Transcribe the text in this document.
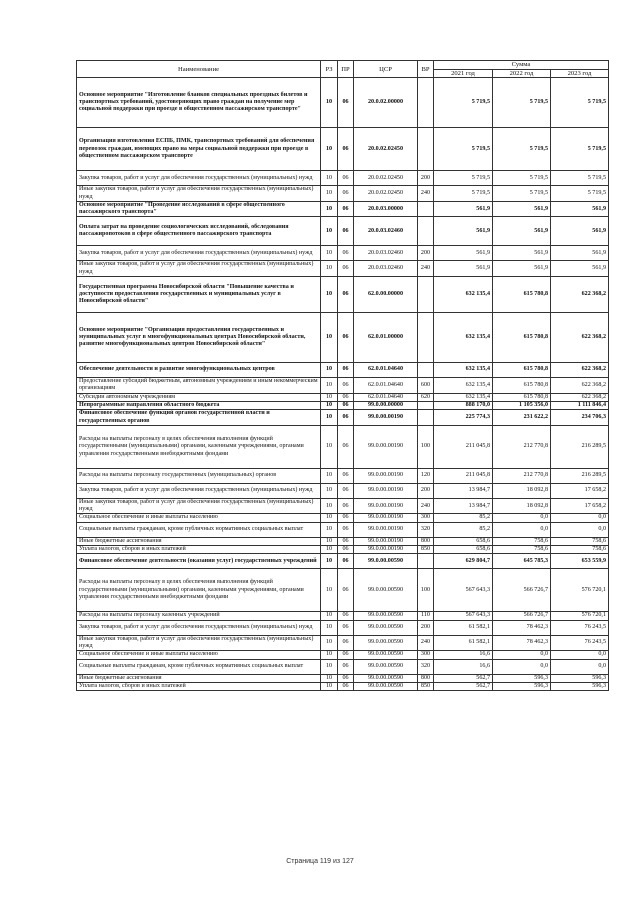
Наименование	РЗ	ПР	ЦСР	ВР	Сумма		
					2021 год	2022 год	2023 год
Основное мероприятие "Изготовление бланков специальных проездных билетов и транспортных требований, удостоверяющих право граждан на получение мер социальной поддержки при проезде в общественном пассажирском транспорте"	10	06	20.0.02.00000		5 719,5	5 719,5	5 719,5
Организация изготовления ЕСПБ, ПМК, транспортных требований для обеспечения перевозок граждан, имеющих право на меры социальной поддержки при проезде в общественном пассажирском транспорте	10	06	20.0.02.02450		5 719,5	5 719,5	5 719,5
Закупка товаров, работ и услуг для обеспечения государственных (муниципальных) нужд	10	06	20.0.02.02450	200	5 719,5	5 719,5	5 719,5
Иные закупки товаров, работ и услуг для обеспечения государственных (муниципальных) нужд	10	06	20.0.02.02450	240	5 719,5	5 719,5	5 719,5
Основное мероприятие "Проведение исследований в сфере общественного пассажирского транспорта"	10	06	20.0.03.00000		561,9	561,9	561,9
Оплата затрат на проведение социологических исследований, обследования пассажиропотоков в сфере общественного пассажирского транспорта	10	06	20.0.03.02460		561,9	561,9	561,9
Закупка товаров, работ и услуг для обеспечения государственных (муниципальных) нужд	10	06	20.0.03.02460	200	561,9	561,9	561,9
Иные закупки товаров, работ и услуг для обеспечения государственных (муниципальных) нужд	10	06	20.0.03.02460	240	561,9	561,9	561,9
Государственная программа Новосибирской области "Повышение качества и доступности предоставления государственных и муниципальных услуг в Новосибирской области"	10	06	62.0.00.00000		632 135,4	615 780,8	622 368,2
Основное мероприятие "Организация предоставления государственных и муниципальных услуг в многофункциональных центрах Новосибирской области, развитие многофункциональных центров Новосибирской области"	10	06	62.0.01.00000		632 135,4	615 780,8	622 368,2
Обеспечение деятельности и развитие многофункциональных центров	10	06	62.0.01.04640		632 135,4	615 780,8	622 368,2
Предоставление субсидий бюджетным, автономным учреждениям и иным некоммерческим организациям	10	06	62.0.01.04640	600	632 135,4	615 780,8	622 368,2
Субсидии автономным учреждениям	10	06	62.0.01.04640	620	632 135,4	615 780,8	622 368,2
Непрограммные направления областного бюджета	10	06	99.0.00.00000		888 170,0	1 105 356,0	1 111 846,4
Финансовое обеспечение функций органов государственной власти и государственных органов	10	06	99.0.00.00190		225 774,3	231 622,2	234 706,3
Расходы на выплаты персоналу в целях обеспечения выполнения функций государственными (муниципальными) органами, казенными учреждениями, органами управления государственными внебюджетными фондами	10	06	99.0.00.00190	100	211 045,8	212 770,8	216 289,5
Расходы на выплаты персоналу государственных (муниципальных) органов	10	06	99.0.00.00190	120	211 045,8	212 770,8	216 289,5
Закупка товаров, работ и услуг для обеспечения государственных (муниципальных) нужд	10	06	99.0.00.00190	200	13 984,7	18 092,8	17 658,2
Иные закупки товаров, работ и услуг для обеспечения государственных (муниципальных) нужд	10	06	99.0.00.00190	240	13 984,7	18 092,8	17 658,2
Социальное обеспечение и иные выплаты населению	10	06	99.0.00.00190	300	85,2	0,0	0,0
Социальные выплаты гражданам, кроме публичных нормативных социальных выплат	10	06	99.0.00.00190	320	85,2	0,0	0,0
Иные бюджетные ассигнования	10	06	99.0.00.00190	800	658,6	758,6	758,6
Уплата налогов, сборов и иных платежей	10	06	99.0.00.00190	850	658,6	758,6	758,6
Финансовое обеспечение деятельности (оказания услуг) государственных учреждений	10	06	99.0.00.00590		629 804,7	645 785,3	653 559,9
Расходы на выплаты персоналу в целях обеспечения выполнения функций государственными (муниципальными) органами, казенными учреждениями, органами управления государственными внебюджетными фондами	10	06	99.0.00.00590	100	567 643,3	566 726,7	576 720,1
Расходы на выплаты персоналу казенных учреждений	10	06	99.0.00.00590	110	567 643,3	566 726,7	576 720,1
Закупка товаров, работ и услуг для обеспечения государственных (муниципальных) нужд	10	06	99.0.00.00590	200	61 582,1	78 462,3	76 243,5
Иные закупки товаров, работ и услуг для обеспечения государственных (муниципальных) нужд	10	06	99.0.00.00590	240	61 582,1	78 462,3	76 243,5
Социальное обеспечение и иные выплаты населению	10	06	99.0.00.00590	300	16,6	0,0	0,0
Социальные выплаты гражданам, кроме публичных нормативных социальных выплат	10	06	99.0.00.00590	320	16,6	0,0	0,0
Иные бюджетные ассигнования	10	06	99.0.00.00590	800	562,7	596,3	596,3
Уплата налогов, сборов и иных платежей	10	06	99.0.00.00590	850	562,7	596,3	596,3
Страница 119 из 127
